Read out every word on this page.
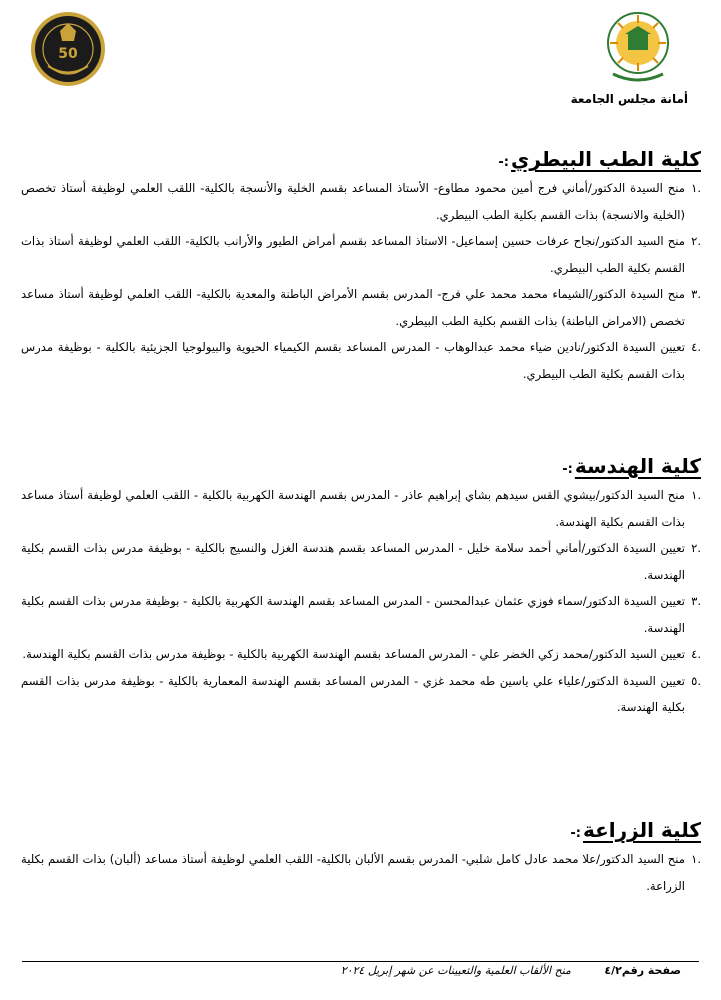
50
أمانة مجلس الجامعة
كلية الطب البيطري:-
.١
منح السيدة الدكتور/أماني فرج أمين محمود مطاوع- الأستاذ المساعد بقسم الخلية والأنسجة بالكلية- اللقب العلمي لوظيفة أستاذ تخصص (الخلية والانسجة) بذات القسم بكلية الطب البيطري.
.٢
منح السيد الدكتور/نجاح عرفات حسين إسماعيل- الاستاذ المساعد بقسم أمراض الطيور والأرانب بالكلية- اللقب العلمي لوظيفة أستاذ بذات القسم بكلية الطب البيطري.
.٣
منح السيدة الدكتور/الشيماء محمد محمد علي فرج- المدرس بقسم الأمراض الباطنة والمعدية بالكلية- اللقب العلمي لوظيفة أستاذ مساعد تخصص (الامراض الباطنة) بذات القسم بكلية الطب البيطري.
.٤
تعيين السيدة الدكتور/نادين ضياء محمد عبدالوهاب - المدرس المساعد بقسم الكيمياء الحيوية والبيولوجيا الجزيئية بالكلية - بوظيفة مدرس بذات القسم بكلية الطب البيطري.
كلية الهندسة:-
.١
منح السيد الدكتور/بيشوي القس سيدهم بشاي إبراهيم عاذر - المدرس بقسم الهندسة الكهربية بالكلية - اللقب العلمي لوظيفة أستاذ مساعد بذات القسم بكلية الهندسة.
.٢
تعيين السيدة الدكتور/أماني أحمد سلامة خليل - المدرس المساعد بقسم هندسة الغزل والنسيج بالكلية - بوظيفة مدرس بذات القسم بكلية الهندسة.
.٣
تعيين السيدة الدكتور/سماء فوزي عثمان عبدالمحسن - المدرس المساعد بقسم الهندسة الكهربية بالكلية - بوظيفة مدرس بذات القسم بكلية الهندسة.
.٤
تعيين السيد الدكتور/محمد زكي الخضر علي - المدرس المساعد بقسم الهندسة الكهربية بالكلية - بوظيفة مدرس بذات القسم بكلية الهندسة.
.٥
تعيين السيدة الدكتور/علياء علي ياسين طه محمد غزي - المدرس المساعد بقسم الهندسة المعمارية بالكلية - بوظيفة مدرس بذات القسم بكلية الهندسة.
كلية الزراعة:-
.١
منح السيد الدكتور/علا محمد عادل كامل شلبي- المدرس بقسم الألبان بالكلية- اللقب العلمي لوظيفة أستاذ مساعد (ألبان) بذات القسم بكلية الزراعة.
صفحة رقم٤/٢ منح الألقاب العلمية والتعيينات عن شهر إبريل ٢٠٢٤
